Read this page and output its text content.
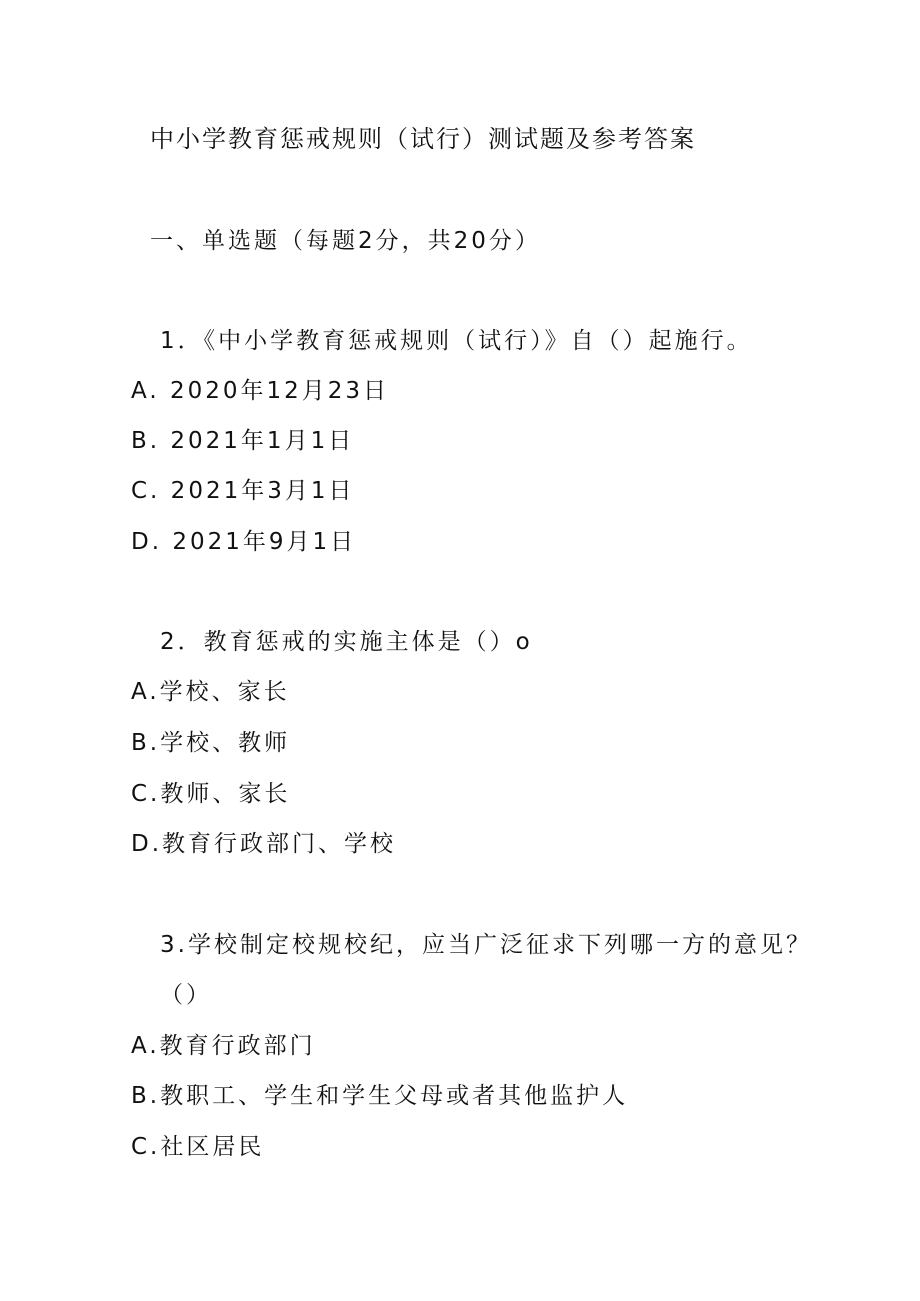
中小学教育惩戒规则（试行）测试题及参考答案
一、单选题（每题2分，共20分）
1．《中小学教育惩戒规则（试行）》自（）起施行。
A. 2020年12月23日
B. 2021年1月1日
C. 2021年3月1日
D. 2021年9月1日
2．教育惩戒的实施主体是（）o
A.学校、家长
B.学校、教师
C.教师、家长
D.教育行政部门、学校
3.学校制定校规校纪，应当广泛征求下列哪一方的意见？
（）
A.教育行政部门
B.教职工、学生和学生父母或者其他监护人
C.社区居民
